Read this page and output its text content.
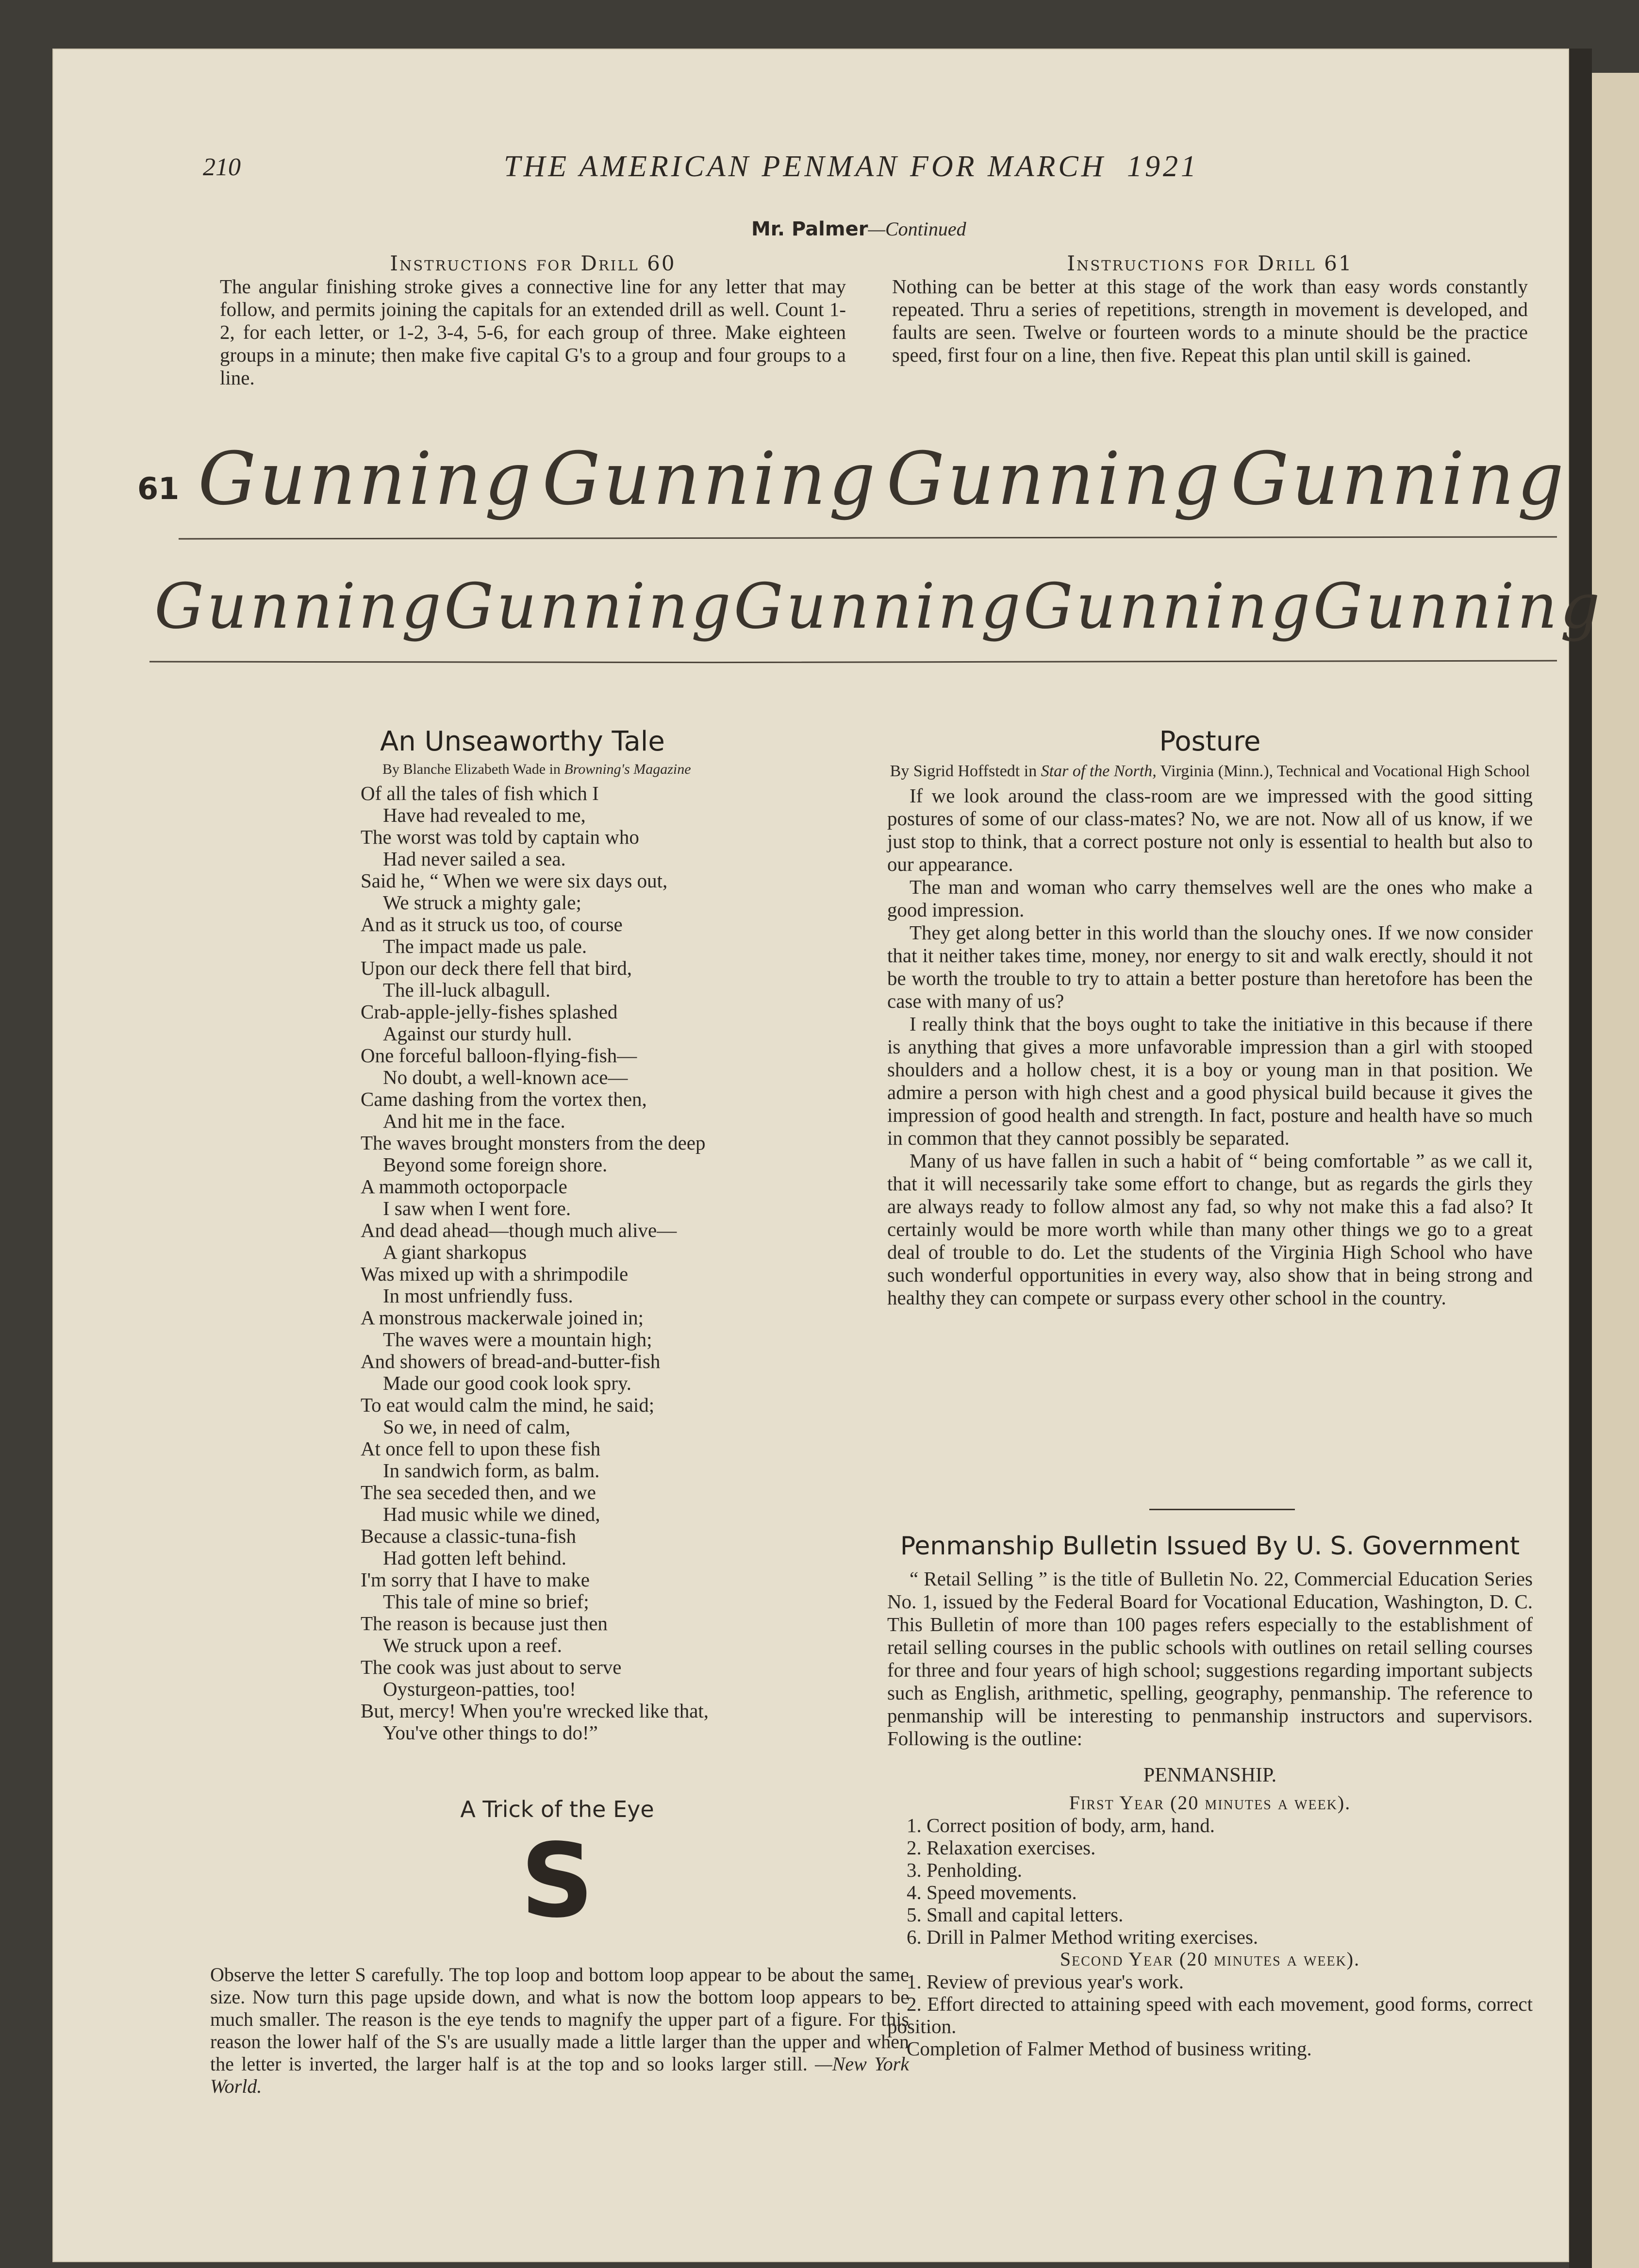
210	THE AMERICAN PENMAN FOR MARCH 1921
Mr. Palmer—Continued
Instructions for Drill 60
The angular finishing stroke gives a connective line for any letter that may follow, and permits joining the capitals for an extended drill as well. Count 1-2, for each letter, or 1-2, 3-4, 5-6, for each group of three. Make eighteen groups in a minute; then make five capital G's to a group and four groups to a line.
Instructions for Drill 61
Nothing can be better at this stage of the work than easy words constantly repeated. Thru a series of repetitions, strength in movement is developed, and faults are seen. Twelve or fourteen words to a minute should be the practice speed, first four on a line, then five. Repeat this plan until skill is gained.
61 Gunning Gunning Gunning Gunning
Gunning Gunning Gunning Gunning Gunning
An Unseaworthy Tale
By Blanche Elizabeth Wade in Browning's Magazine
Of all the tales of fish which I
Have had revealed to me,
The worst was told by captain who
Had never sailed a sea.
Said he, “ When we were six days out,
We struck a mighty gale;
And as it struck us too, of course
The impact made us pale.
Upon our deck there fell that bird,
The ill-luck albagull.
Crab-apple-jelly-fishes splashed
Against our sturdy hull.
One forceful balloon-flying-fish—
No doubt, a well-known ace—
Came dashing from the vortex then,
And hit me in the face.
The waves brought monsters from the deep
Beyond some foreign shore.
A mammoth octoporpacle
I saw when I went fore.
And dead ahead—though much alive—
A giant sharkopus
Was mixed up with a shrimpodile
In most unfriendly fuss.
A monstrous mackerwale joined in;
The waves were a mountain high;
And showers of bread-and-butter-fish
Made our good cook look spry.
To eat would calm the mind, he said;
So we, in need of calm,
At once fell to upon these fish
In sandwich form, as balm.
The sea seceded then, and we
Had music while we dined,
Because a classic-tuna-fish
Had gotten left behind.
I'm sorry that I have to make
This tale of mine so brief;
The reason is because just then
We struck upon a reef.
The cook was just about to serve
Oysturgeon-patties, too!
But, mercy! When you're wrecked like that,
You've other things to do!”
A Trick of the Eye
S
Observe the letter S carefully. The top loop and bottom loop appear to be about the same size. Now turn this page upside down, and what is now the bottom loop appears to be much smaller. The reason is the eye tends to magnify the upper part of a figure. For this reason the lower half of the S's are usually made a little larger than the upper and when the letter is inverted, the larger half is at the top and so looks larger still. —New York World.
Posture
By Sigrid Hoffstedt in Star of the North, Virginia (Minn.), Technical and Vocational High School
If we look around the class-room are we impressed with the good sitting postures of some of our class-mates? No, we are not. Now all of us know, if we just stop to think, that a correct posture not only is essential to health but also to our appearance.
The man and woman who carry themselves well are the ones who make a good impression.
They get along better in this world than the slouchy ones. If we now consider that it neither takes time, money, nor energy to sit and walk erectly, should it not be worth the trouble to try to attain a better posture than heretofore has been the case with many of us?
I really think that the boys ought to take the initiative in this because if there is anything that gives a more unfavorable impression than a girl with stooped shoulders and a hollow chest, it is a boy or young man in that position. We admire a person with high chest and a good physical build because it gives the impression of good health and strength. In fact, posture and health have so much in common that they cannot possibly be separated.
Many of us have fallen in such a habit of “ being comfortable ” as we call it, that it will necessarily take some effort to change, but as regards the girls they are always ready to follow almost any fad, so why not make this a fad also? It certainly would be more worth while than many other things we go to a great deal of trouble to do. Let the students of the Virginia High School who have such wonderful opportunities in every way, also show that in being strong and healthy they can compete or surpass every other school in the country.
Penmanship Bulletin Issued By U. S. Government
“ Retail Selling ” is the title of Bulletin No. 22, Commercial Education Series No. 1, issued by the Federal Board for Vocational Education, Washington, D. C. This Bulletin of more than 100 pages refers especially to the establishment of retail selling courses in the public schools with outlines on retail selling courses for three and four years of high school; suggestions regarding important subjects such as English, arithmetic, spelling, geography, penmanship. The reference to penmanship will be interesting to penmanship instructors and supervisors. Following is the outline:
PENMANSHIP.
First Year (20 minutes a week).
1. Correct position of body, arm, hand.
2. Relaxation exercises.
3. Penholding.
4. Speed movements.
5. Small and capital letters.
6. Drill in Palmer Method writing exercises.
Second Year (20 minutes a week).
1. Review of previous year's work.
2. Effort directed to attaining speed with each movement, good forms, correct position.
Completion of Falmer Method of business writing.
